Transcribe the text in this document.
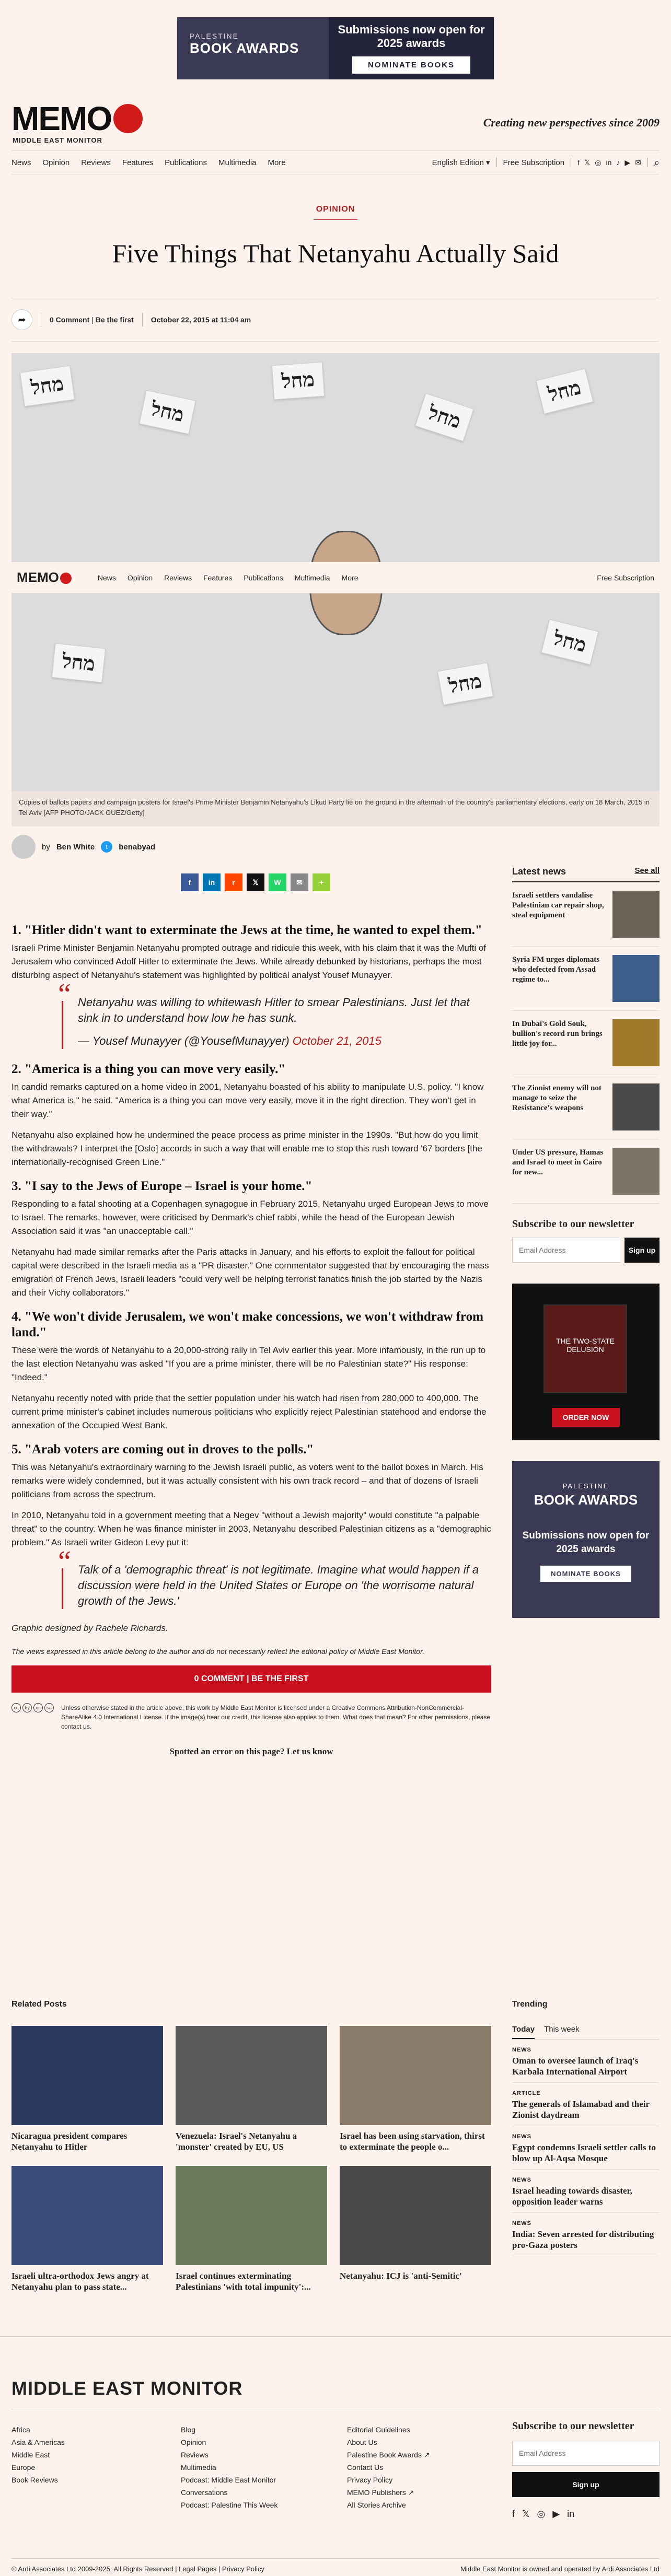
PALESTINE
BOOK AWARDS
Submissions now open for 2025 awards
NOMINATE BOOKS
MEMO
MIDDLE EAST MONITOR
Creating new perspectives since 2009
News Opinion Reviews Features Publications Multimedia More	English Edition ▾ Free Subscription f 𝕏 ◎ in ♪ ▶ ✉ ⌕
OPINION
Five Things That Netanyahu Actually Said
➦	0 Comment | Be the first October 22, 2015 at 11:04 am
מחל
מחל
מחל
מחל
מחל
מחל
מחל
מחל
MEMO	News Opinion Reviews Features Publications Multimedia More	Free Subscription
Copies of ballots papers and campaign posters for Israel's Prime Minister Benjamin Netanyahu's Likud Party lie on the ground in the aftermath of the country's parliamentary elections, early on 18 March, 2015 in Tel Aviv [AFP PHOTO/JACK GUEZ/Getty]
by Ben White	t	benabyad
f	in	r	𝕏	W	✉	+
1. "Hitler didn't want to exterminate the Jews at the time, he wanted to expel them."

Israeli Prime Minister Benjamin Netanyahu prompted outrage and ridicule this week, with his claim that it was the Mufti of Jerusalem who convinced Adolf Hitler to exterminate the Jews. While already debunked by historians, perhaps the most disturbing aspect of Netanyahu's statement was highlighted by political analyst Yousef Munayyer.

“ Netanyahu was willing to whitewash Hitler to smear Palestinians. Just let that sink in to understand how low he has sunk.

— Yousef Munayyer (@YousefMunayyer) October 21, 2015

2. "America is a thing you can move very easily."

In candid remarks captured on a home video in 2001, Netanyahu boasted of his ability to manipulate U.S. policy. "I know what America is," he said. "America is a thing you can move very easily, move it in the right direction. They won't get in their way."

Netanyahu also explained how he undermined the peace process as prime minister in the 1990s. "But how do you limit the withdrawals? I interpret the [Oslo] accords in such a way that will enable me to stop this rush toward '67 borders [the internationally-recognised Green Line."

3. "I say to the Jews of Europe – Israel is your home."

Responding to a fatal shooting at a Copenhagen synagogue in February 2015, Netanyahu urged European Jews to move to Israel. The remarks, however, were criticised by Denmark's chief rabbi, while the head of the European Jewish Association said it was "an unacceptable call."

Netanyahu had made similar remarks after the Paris attacks in January, and his efforts to exploit the fallout for political capital were described in the Israeli media as a "PR disaster." One commentator suggested that by encouraging the mass emigration of French Jews, Israeli leaders "could very well be helping terrorist fanatics finish the job started by the Nazis and their Vichy collaborators."

4. "We won't divide Jerusalem, we won't make concessions, we won't withdraw from land."

These were the words of Netanyahu to a 20,000-strong rally in Tel Aviv earlier this year. More infamously, in the run up to the last election Netanyahu was asked "If you are a prime minister, there will be no Palestinian state?" His response: "Indeed."

Netanyahu recently noted with pride that the settler population under his watch had risen from 280,000 to 400,000. The current prime minister's cabinet includes numerous politicians who explicitly reject Palestinian statehood and endorse the annexation of the Occupied West Bank.

5. "Arab voters are coming out in droves to the polls."

This was Netanyahu's extraordinary warning to the Jewish Israeli public, as voters went to the ballot boxes in March. His remarks were widely condemned, but it was actually consistent with his own track record – and that of dozens of Israeli politicians from across the spectrum.

In 2010, Netanyahu told in a government meeting that a Negev "without a Jewish majority" would constitute "a palpable threat" to the country. When he was finance minister in 2003, Netanyahu described Palestinian citizens as a "demographic problem." As Israeli writer Gideon Levy put it:

“ Talk of a 'demographic threat' is not legitimate. Imagine what would happen if a discussion were held in the United States or Europe on 'the worrisome natural growth of the Jews.'

Graphic designed by Rachele Richards.

The views expressed in this article belong to the author and do not necessarily reflect the editorial policy of Middle East Monitor.

0 COMMENT | BE THE FIRST
cc	by	nc	sa	Unless otherwise stated in the article above, this work by Middle East Monitor is licensed under a Creative Commons Attribution-NonCommercial-ShareAlike 4.0 International License. If the image(s) bear our credit, this license also applies to them. What does that mean? For other permissions, please contact us.
Spotted an error on this page? Let us know
Latest news	See all
Israeli settlers vandalise Palestinian car repair shop, steal equipment
Syria FM urges diplomats who defected from Assad regime to...
In Dubai's Gold Souk, bullion's record run brings little joy for...
The Zionist enemy will not manage to seize the Resistance's weapons
Under US pressure, Hamas and Israel to meet in Cairo for new...
Subscribe to our newsletter
Email Address
Sign up
THE TWO-STATE DELUSION
ORDER NOW
PALESTINE
BOOK AWARDS
Submissions now open for 2025 awards
NOMINATE BOOKS
Related Posts
Nicaragua president compares Netanyahu to Hitler
Venezuela: Israel's Netanyahu a 'monster' created by EU, US
Israel has been using starvation, thirst to exterminate the people o...
Israeli ultra-orthodox Jews angry at Netanyahu plan to pass state...
Israel continues exterminating Palestinians 'with total impunity':...
Netanyahu: ICJ is 'anti-Semitic'
Trending
Today This week
NEWS
Oman to oversee launch of Iraq's Karbala International Airport
ARTICLE
The generals of Islamabad and their Zionist daydream
NEWS
Egypt condemns Israeli settler calls to blow up Al-Aqsa Mosque
NEWS
Israel heading towards disaster, opposition leader warns
NEWS
India: Seven arrested for distributing pro-Gaza posters
MIDDLE EAST MONITOR
Africa
Asia & Americas
Middle East
Europe
Book Reviews
Blog
Opinion
Reviews
Multimedia
Podcast: Middle East Monitor Conversations
Podcast: Palestine This Week
Editorial Guidelines
About Us
Palestine Book Awards ↗
Contact Us
Privacy Policy
MEMO Publishers ↗
All Stories Archive
Subscribe to our newsletter
Email Address Sign up
f 𝕏 ◎ ▶ in
© Ardi Associates Ltd 2009-2025. All Rights Reserved | Legal Pages | Privacy Policy	Middle East Monitor is owned and operated by Ardi Associates Ltd
